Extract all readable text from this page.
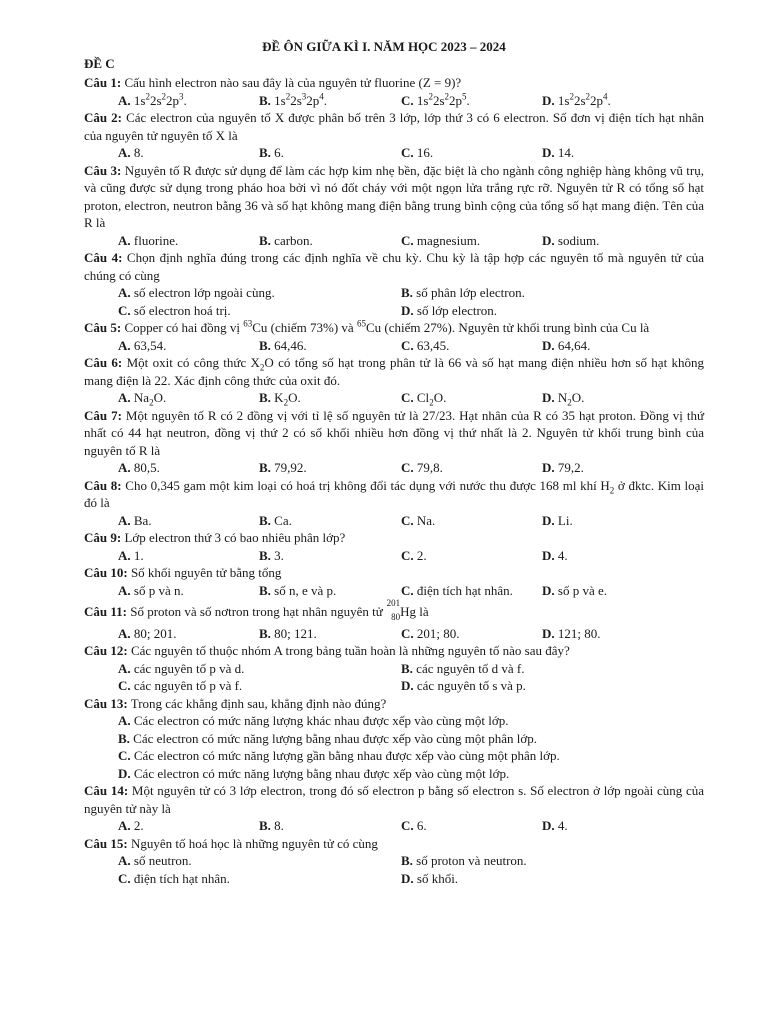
ĐỀ ÔN GIỮA KÌ I. NĂM HỌC 2023 – 2024
ĐỀ C
Câu 1: Cấu hình electron nào sau đây là của nguyên tử fluorine (Z = 9)?
A. $1s^22s^22p^3$.	B. $1s^22s^32p^4$.	C. $1s^22s^22p^5$.	D. $1s^22s^22p^4$.
Câu 2: Các electron của nguyên tố X được phân bố trên 3 lớp, lớp thứ 3 có 6 electron. Số đơn vị điện tích hạt nhân của nguyên tử nguyên tố X là
A. 8.	B. 6.	C. 16.	D. 14.
Câu 3: Nguyên tố R được sử dụng để làm các hợp kim nhẹ bền, đặc biệt là cho ngành công nghiệp hàng không vũ trụ, và cũng được sử dụng trong pháo hoa bởi vì nó đốt cháy với một ngọn lửa trắng rực rỡ. Nguyên tử R có tổng số hạt proton, electron, neutron bằng 36 và số hạt không mang điện bằng trung bình cộng của tổng số hạt mang điện. Tên của R là
A. fluorine.	B. carbon.	C. magnesium.	D. sodium.
Câu 4: Chọn định nghĩa đúng trong các định nghĩa về chu kỳ. Chu kỳ là tập hợp các nguyên tố mà nguyên tử của chúng có cùng
A. số electron lớp ngoài cùng.	B. số phân lớp electron.
C. số electron hoá trị.	D. số lớp electron.
Câu 5: Copper có hai đồng vị $^{63}$Cu (chiếm 73%) và $^{65}$Cu (chiếm 27%). Nguyên tử khối trung bình của Cu là
A. 63,54.	B. 64,46.	C. 63,45.	D. 64,64.
Câu 6: Một oxit có công thức $X_2O$ có tổng số hạt trong phân tử là 66 và số hạt mang điện nhiều hơn số hạt không mang điện là 22. Xác định công thức của oxit đó.
A. $Na_2O$.	B. $K_2O$.	C. $Cl_2O$.	D. $N_2O$.
Câu 7: Một nguyên tố R có 2 đồng vị với tỉ lệ số nguyên tử là 27/23. Hạt nhân của R có 35 hạt proton. Đồng vị thứ nhất có 44 hạt neutron, đồng vị thứ 2 có số khối nhiều hơn đồng vị thứ nhất là 2. Nguyên tử khối trung bình của nguyên tố R là
A. 80,5.	B. 79,92.	C. 79,8.	D. 79,2.
Câu 8: Cho 0,345 gam một kim loại có hoá trị không đổi tác dụng với nước thu được 168 ml khí $H_2$ ở đktc. Kim loại đó là
A. Ba.	B. Ca.	C. Na.	D. Li.
Câu 9: Lớp electron thứ 3 có bao nhiêu phân lớp?
A. 1.	B. 3.	C. 2.	D. 4.
Câu 10: Số khối nguyên tử bằng tổng
A. số p và n.	B. số n, e và p.	C. điện tích hạt nhân. D. số p và e.
Câu 11: Số proton và số nơtron trong hạt nhân nguyên tử
201
80 Hg là
A. 80; 201.	B. 80; 121.	C. 201; 80.	D. 121; 80.
Câu 12: Các nguyên tố thuộc nhóm A trong bảng tuần hoàn là những nguyên tố nào sau đây?
A. các nguyên tố p và d.	B. các nguyên tố d và f.
C. các nguyên tố p và f.	D. các nguyên tố s và p.
Câu 13: Trong các khẳng định sau, khẳng định nào đúng?
A. Các electron có mức năng lượng khác nhau được xếp vào cùng một lớp.
B. Các electron có mức năng lượng bằng nhau được xếp vào cùng một phân lớp.
C. Các electron có mức năng lượng gần bằng nhau được xếp vào cùng một phân lớp.
D. Các electron có mức năng lượng bằng nhau được xếp vào cùng một lớp.
Câu 14: Một nguyên tử có 3 lớp electron, trong đó số electron p bằng số electron s. Số electron ở lớp ngoài cùng của nguyên tử này là
A. 2.	B. 8.	C. 6.	D. 4.
Câu 15: Nguyên tố hoá học là những nguyên tử có cùng
A. số neutron.	B. số proton và neutron.
C. điện tích hạt nhân.	D. số khối.
